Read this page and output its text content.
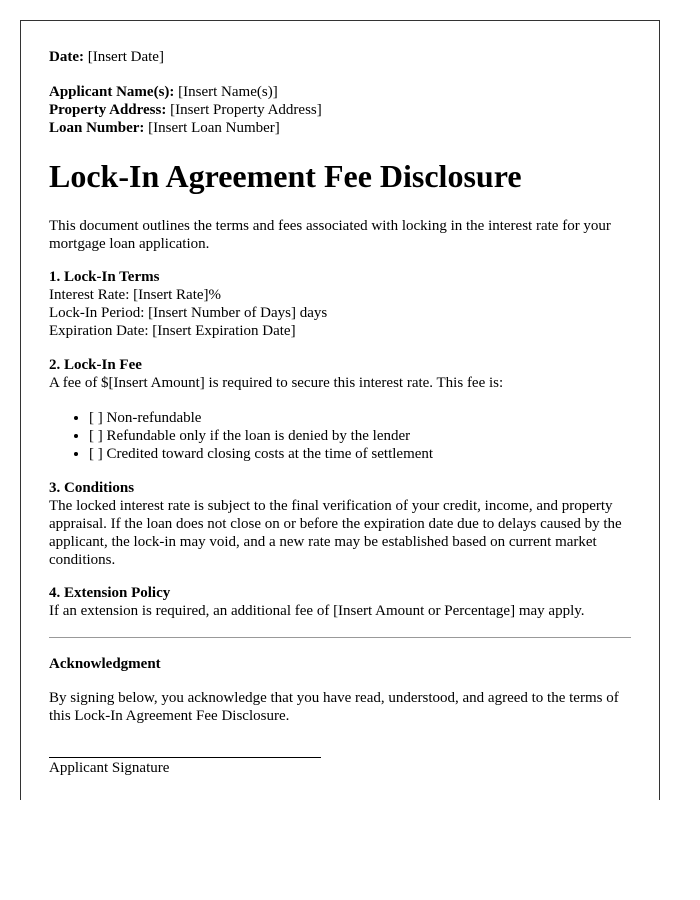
Date: [Insert Date]

Applicant Name(s): [Insert Name(s)]

Property Address: [Insert Property Address]

Loan Number: [Insert Loan Number]

Lock-In Agreement Fee Disclosure

This document outlines the terms and fees associated with locking in the interest rate for your mortgage loan application.

1. Lock-In Terms

Interest Rate: [Insert Rate]%

Lock-In Period: [Insert Number of Days] days

Expiration Date: [Insert Expiration Date]

2. Lock-In Fee

A fee of $[Insert Amount] is required to secure this interest rate. This fee is:

• [ ] Non-refundable
• [ ] Refundable only if the loan is denied by the lender
• [ ] Credited toward closing costs at the time of settlement

3. Conditions

The locked interest rate is subject to the final verification of your credit, income, and property appraisal. If the loan does not close on or before the expiration date due to delays caused by the applicant, the lock-in may void, and a new rate may be established based on current market conditions.

4. Extension Policy

If an extension is required, an additional fee of [Insert Amount or Percentage] may apply.

Acknowledgment

By signing below, you acknowledge that you have read, understood, and agreed to the terms of this Lock-In Agreement Fee Disclosure.

Applicant Signature
